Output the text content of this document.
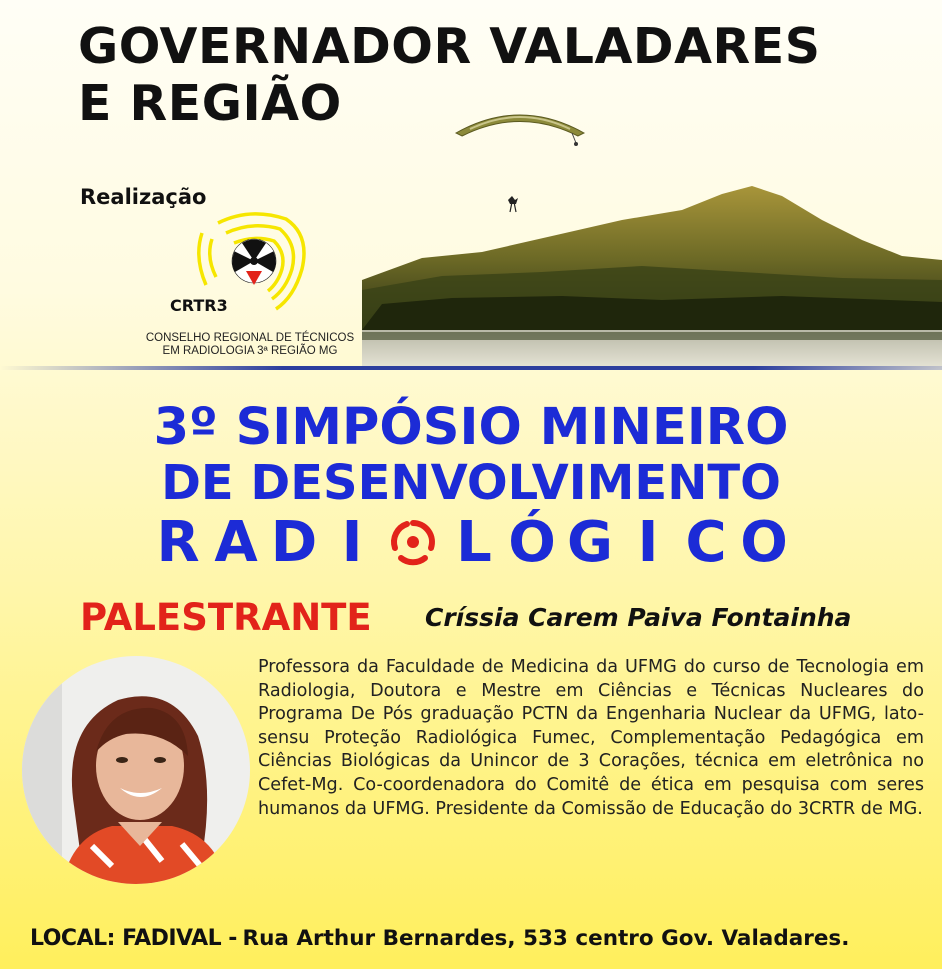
GOVERNADOR VALADARES
E REGIÃO
Realização
CRTR3
CONSELHO REGIONAL DE TÉCNICOS
EM RADIOLOGIA 3ª REGIÃO MG
3º SIMPÓSIO MINEIRO
DE DESENVOLVIMENTO
R A D I	L Ó G I C O
PALESTRANTE Críssia Carem Paiva Fontainha

Professora da Faculdade de Medicina da UFMG do curso de Tecnologia em Radiologia, Doutora e Mestre em Ciências e Técnicas Nucleares do Programa De Pós graduação PCTN da Engenharia Nuclear da UFMG, lato-sensu Proteção Radiológica Fumec, Complementação Pedagógica em Ciências Biológicas da Unincor de 3 Corações, técnica em eletrônica no Cefet-Mg. Co-coordenadora do Comitê de ética em pesquisa com seres humanos da UFMG. Presidente da Comissão de Educação do 3CRTR de MG.

LOCAL: FADIVAL - Rua Arthur Bernardes, 533 centro Gov. Valadares.
